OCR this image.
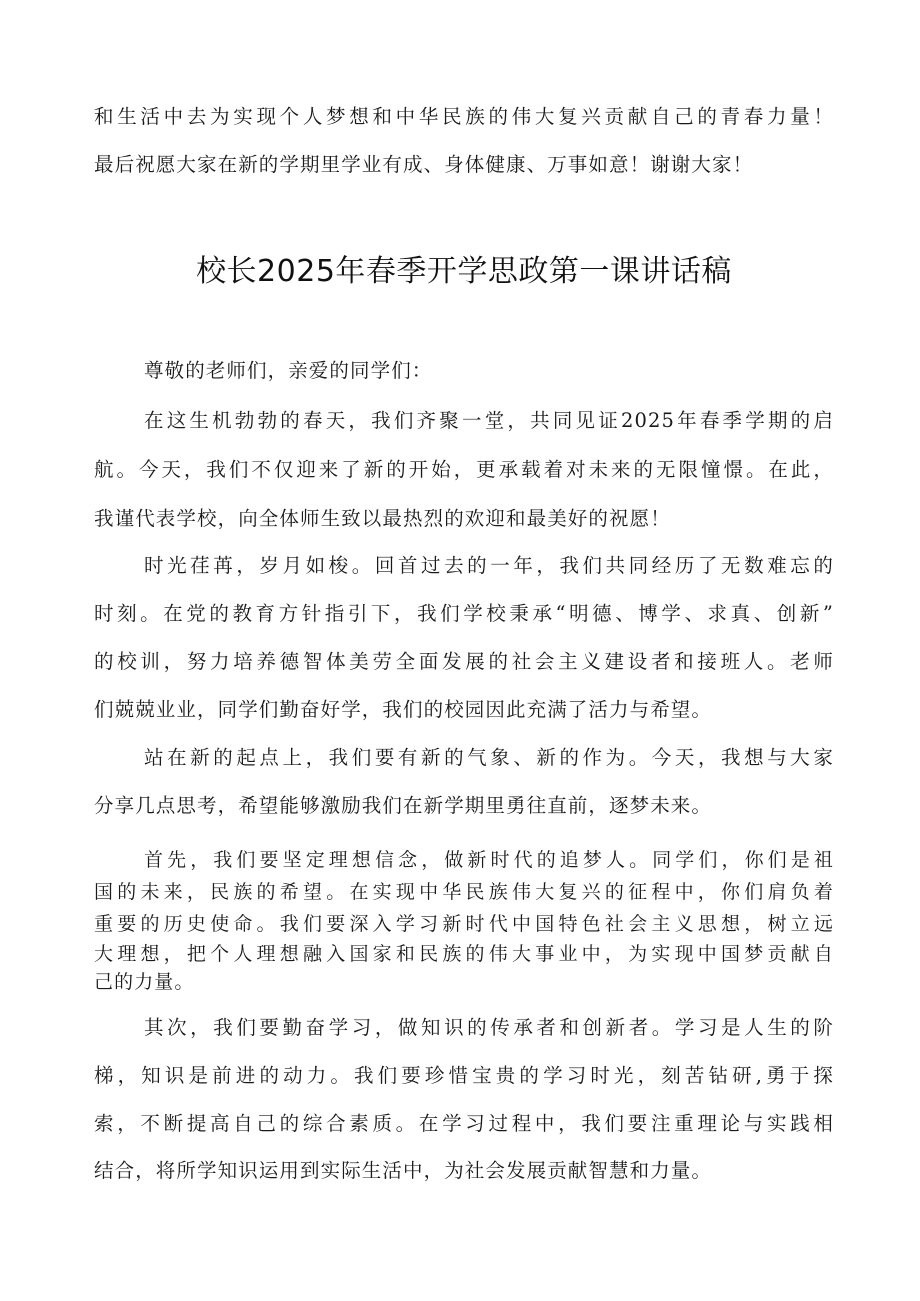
和生活中去为实现个人梦想和中华民族的伟大复兴贡献自己的青春力量！
最后祝愿大家在新的学期里学业有成、身体健康、万事如意！谢谢大家！
校长2025年春季开学思政第一课讲话稿
尊敬的老师们，亲爱的同学们：
在这生机勃勃的春天，我们齐聚一堂，共同见证2025年春季学期的启
航。今天，我们不仅迎来了新的开始，更承载着对未来的无限憧憬。在此，
我谨代表学校，向全体师生致以最热烈的欢迎和最美好的祝愿！
时光荏苒，岁月如梭。回首过去的一年，我们共同经历了无数难忘的
时刻。在党的教育方针指引下，我们学校秉承“明德、博学、求真、创新”
的校训，努力培养德智体美劳全面发展的社会主义建设者和接班人。老师
们兢兢业业，同学们勤奋好学，我们的校园因此充满了活力与希望。
站在新的起点上，我们要有新的气象、新的作为。今天，我想与大家
分享几点思考，希望能够激励我们在新学期里勇往直前，逐梦未来。
首先，我们要坚定理想信念，做新时代的追梦人。同学们，你们是祖
国的未来，民族的希望。在实现中华民族伟大复兴的征程中，你们肩负着
重要的历史使命。我们要深入学习新时代中国特色社会主义思想，树立远
大理想，把个人理想融入国家和民族的伟大事业中，为实现中国梦贡献自
己的力量。
其次，我们要勤奋学习，做知识的传承者和创新者。学习是人生的阶
梯，知识是前进的动力。我们要珍惜宝贵的学习时光，刻苦钻研,勇于探
索，不断提高自己的综合素质。在学习过程中，我们要注重理论与实践相
结合，将所学知识运用到实际生活中，为社会发展贡献智慧和力量。
